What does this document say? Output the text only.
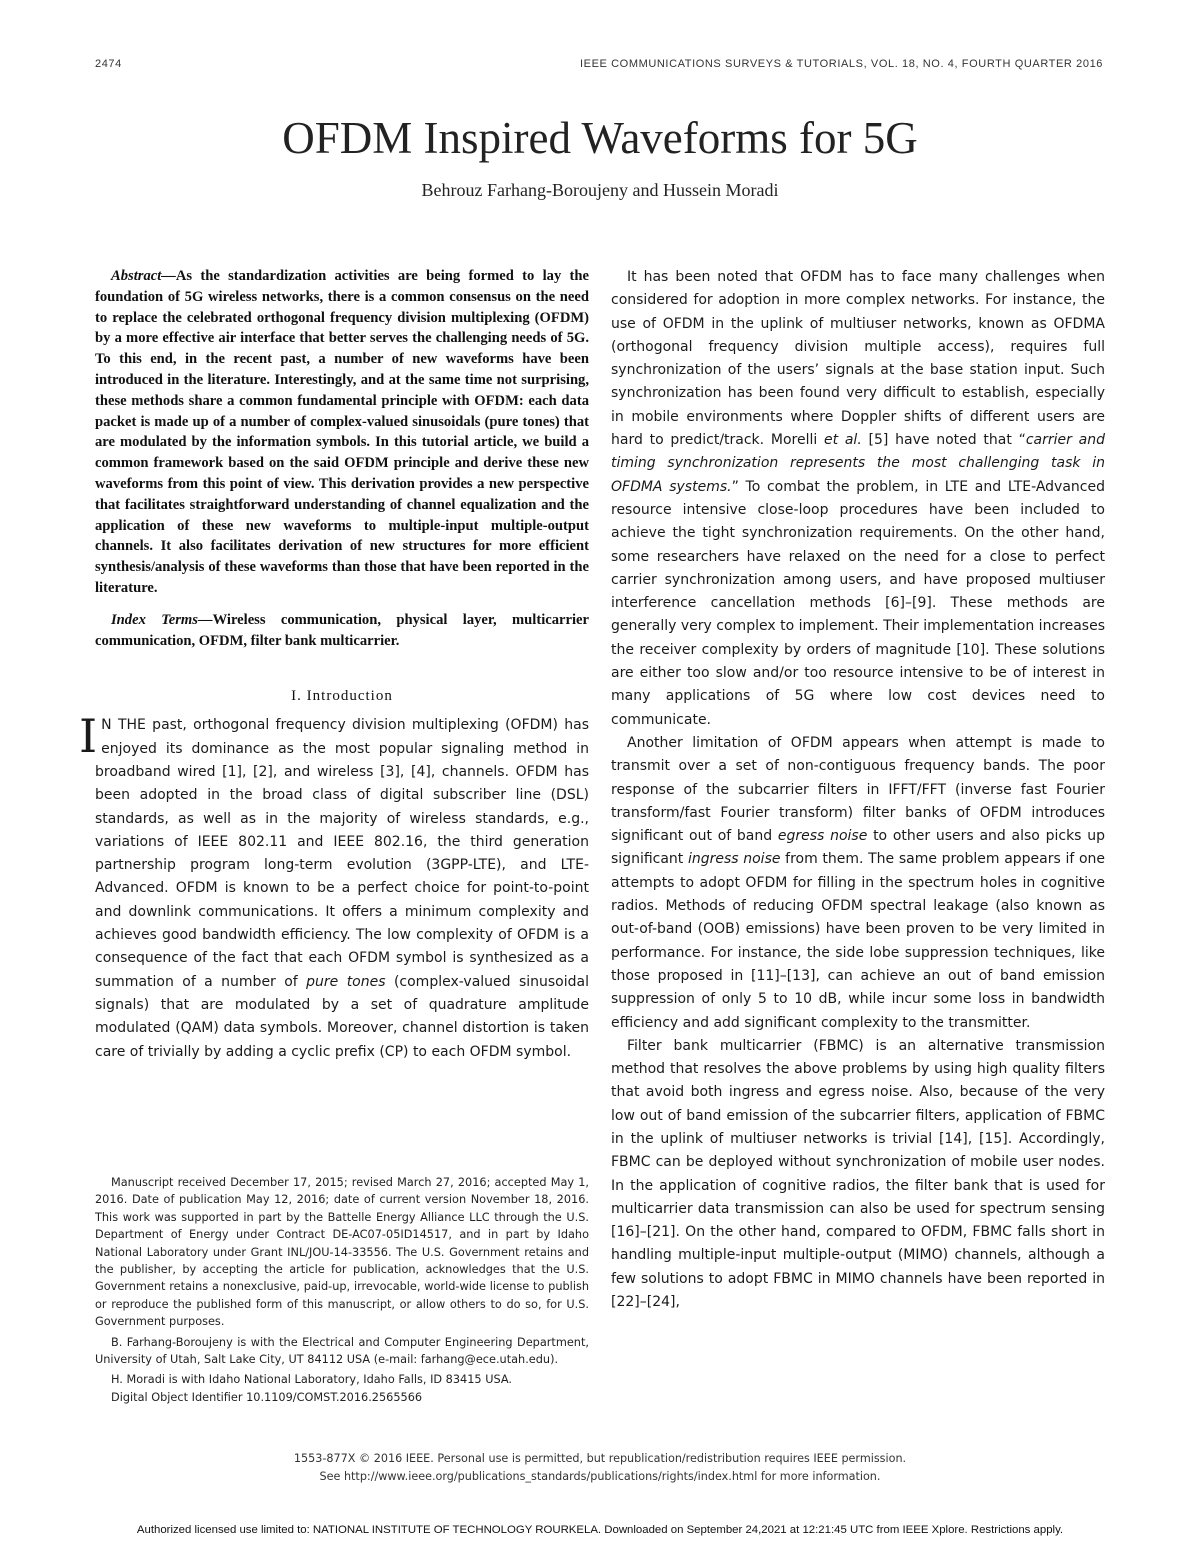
2474	IEEE COMMUNICATIONS SURVEYS & TUTORIALS, VOL. 18, NO. 4, FOURTH QUARTER 2016
OFDM Inspired Waveforms for 5G
Behrouz Farhang-Boroujeny and Hussein Moradi

Abstract—As the standardization activities are being formed to lay the foundation of 5G wireless networks, there is a common consensus on the need to replace the celebrated orthogonal frequency division multiplexing (OFDM) by a more effective air interface that better serves the challenging needs of 5G. To this end, in the recent past, a number of new waveforms have been introduced in the literature. Interestingly, and at the same time not surprising, these methods share a common fundamental principle with OFDM: each data packet is made up of a number of complex-valued sinusoidals (pure tones) that are modulated by the information symbols. In this tutorial article, we build a common framework based on the said OFDM principle and derive these new waveforms from this point of view. This derivation provides a new perspective that facilitates straightforward understanding of channel equalization and the application of these new waveforms to multiple-input multiple-output channels. It also facilitates derivation of new structures for more efficient synthesis/analysis of these waveforms than those that have been reported in the literature.

Index Terms—Wireless communication, physical layer, multicarrier communication, OFDM, filter bank multicarrier.

I. Introduction

I N THE past, orthogonal frequency division multiplexing (OFDM) has enjoyed its dominance as the most popular signaling method in broadband wired [1], [2], and wireless [3], [4], channels. OFDM has been adopted in the broad class of digital subscriber line (DSL) standards, as well as in the majority of wireless standards, e.g., variations of IEEE 802.11 and IEEE 802.16, the third generation partnership program long-term evolution (3GPP-LTE), and LTE-Advanced. OFDM is known to be a perfect choice for point-to-point and downlink communications. It offers a minimum complexity and achieves good bandwidth efficiency. The low complexity of OFDM is a consequence of the fact that each OFDM symbol is synthesized as a summation of a number of pure tones (complex-valued sinusoidal signals) that are modulated by a set of quadrature amplitude modulated (QAM) data symbols. Moreover, channel distortion is taken care of trivially by adding a cyclic prefix (CP) to each OFDM symbol.

Manuscript received December 17, 2015; revised March 27, 2016; accepted May 1, 2016. Date of publication May 12, 2016; date of current version November 18, 2016. This work was supported in part by the Battelle Energy Alliance LLC through the U.S. Department of Energy under Contract DE-AC07-05ID14517, and in part by Idaho National Laboratory under Grant INL/JOU-14-33556. The U.S. Government retains and the publisher, by accepting the article for publication, acknowledges that the U.S. Government retains a nonexclusive, paid-up, irrevocable, world-wide license to publish or reproduce the published form of this manuscript, or allow others to do so, for U.S. Government purposes.

B. Farhang-Boroujeny is with the Electrical and Computer Engineering Department, University of Utah, Salt Lake City, UT 84112 USA (e-mail: farhang@ece.utah.edu).

H. Moradi is with Idaho National Laboratory, Idaho Falls, ID 83415 USA.

Digital Object Identifier 10.1109/COMST.2016.2565566

It has been noted that OFDM has to face many challenges when considered for adoption in more complex networks. For instance, the use of OFDM in the uplink of multiuser networks, known as OFDMA (orthogonal frequency division multiple access), requires full synchronization of the users’ signals at the base station input. Such synchronization has been found very difficult to establish, especially in mobile environments where Doppler shifts of different users are hard to predict/track. Morelli et al. [5] have noted that “carrier and timing synchronization represents the most challenging task in OFDMA systems.” To combat the problem, in LTE and LTE-Advanced resource intensive close-loop procedures have been included to achieve the tight synchronization requirements. On the other hand, some researchers have relaxed on the need for a close to perfect carrier synchronization among users, and have proposed multiuser interference cancellation methods [6]–[9]. These methods are generally very complex to implement. Their implementation increases the receiver complexity by orders of magnitude [10]. These solutions are either too slow and/or too resource intensive to be of interest in many applications of 5G where low cost devices need to communicate.

Another limitation of OFDM appears when attempt is made to transmit over a set of non-contiguous frequency bands. The poor response of the subcarrier filters in IFFT/FFT (inverse fast Fourier transform/fast Fourier transform) filter banks of OFDM introduces significant out of band egress noise to other users and also picks up significant ingress noise from them. The same problem appears if one attempts to adopt OFDM for filling in the spectrum holes in cognitive radios. Methods of reducing OFDM spectral leakage (also known as out-of-band (OOB) emissions) have been proven to be very limited in performance. For instance, the side lobe suppression techniques, like those proposed in [11]–[13], can achieve an out of band emission suppression of only 5 to 10 dB, while incur some loss in bandwidth efficiency and add significant complexity to the transmitter.

Filter bank multicarrier (FBMC) is an alternative transmission method that resolves the above problems by using high quality filters that avoid both ingress and egress noise. Also, because of the very low out of band emission of the subcarrier filters, application of FBMC in the uplink of multiuser networks is trivial [14], [15]. Accordingly, FBMC can be deployed without synchronization of mobile user nodes. In the application of cognitive radios, the filter bank that is used for multicarrier data transmission can also be used for spectrum sensing [16]–[21]. On the other hand, compared to OFDM, FBMC falls short in handling multiple-input multiple-output (MIMO) channels, although a few solutions to adopt FBMC in MIMO channels have been reported in [22]–[24],

1553-877X © 2016 IEEE. Personal use is permitted, but republication/redistribution requires IEEE permission.
See http://www.ieee.org/publications_standards/publications/rights/index.html for more information.
Authorized licensed use limited to: NATIONAL INSTITUTE OF TECHNOLOGY ROURKELA. Downloaded on September 24,2021 at 12:21:45 UTC from IEEE Xplore. Restrictions apply.
